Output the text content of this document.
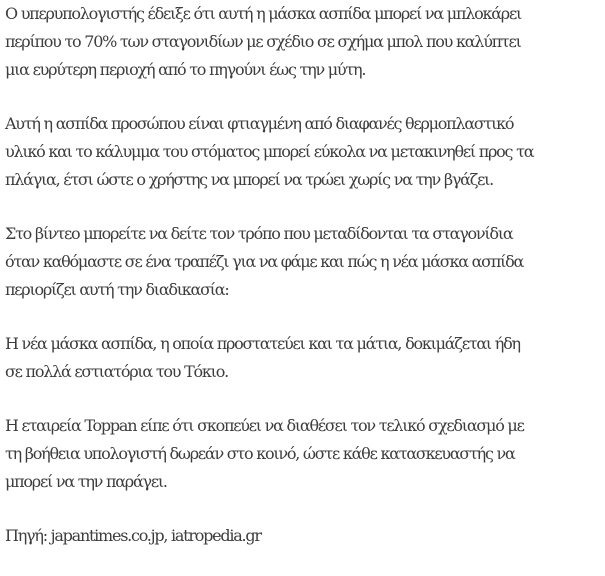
Ο υπερυπολογιστής έδειξε ότι αυτή η μάσκα ασπίδα μπορεί να μπλοκάρει
περίπου το 70% των σταγονιδίων με σχέδιο σε σχήμα μπολ που καλύπτει
μια ευρύτερη περιοχή από το πηγούνι έως την μύτη.
Αυτή η ασπίδα προσώπου είναι φτιαγμένη από διαφανές θερμοπλαστικό
υλικό και το κάλυμμα του στόματος μπορεί εύκολα να μετακινηθεί προς τα
πλάγια, έτσι ώστε ο χρήστης να μπορεί να τρώει χωρίς να την βγάζει.
Στο βίντεο μπορείτε να δείτε τον τρόπο που μεταδίδονται τα σταγονίδια
όταν καθόμαστε σε ένα τραπέζι για να φάμε και πώς η νέα μάσκα ασπίδα
περιορίζει αυτή την διαδικασία:
Η νέα μάσκα ασπίδα, η οποία προστατεύει και τα μάτια, δοκιμάζεται ήδη
σε πολλά εστιατόρια του Τόκιο.
Η εταιρεία Toppan είπε ότι σκοπεύει να διαθέσει τον τελικό σχεδιασμό με
τη βοήθεια υπολογιστή δωρεάν στο κοινό, ώστε κάθε κατασκευαστής να
μπορεί να την παράγει.
Πηγή: japantimes.co.jp, iatropedia.gr
